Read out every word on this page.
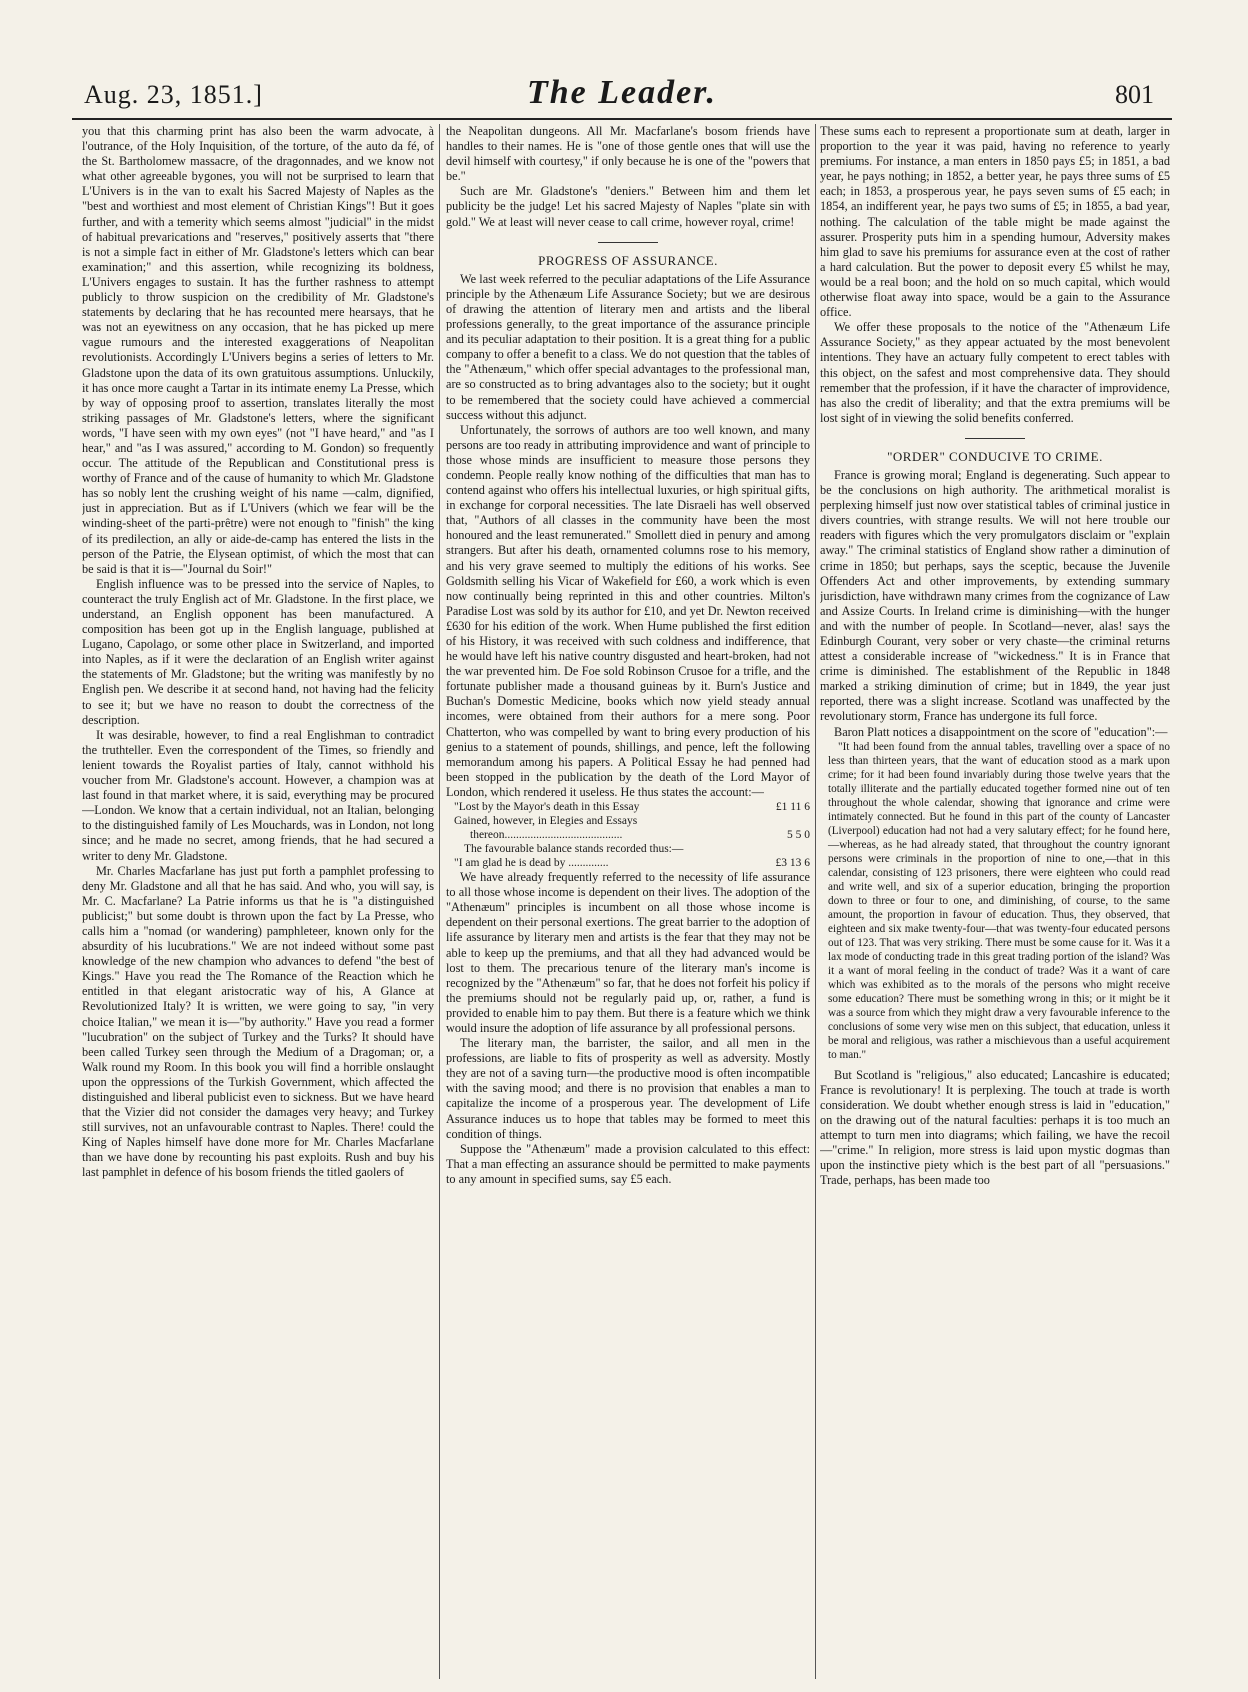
Aug. 23, 1851.]	The Leader.	801

you that this charming print has also been the warm advocate, à l'outrance, of the Holy Inquisition, of the torture, of the auto da fé, of the St. Bartholomew massacre, of the dragonnades, and we know not what other agreeable bygones, you will not be surprised to learn that L'Univers is in the van to exalt his Sacred Majesty of Naples as the "best and worthiest and most element of Christian Kings"! But it goes further, and with a temerity which seems almost "judicial" in the midst of habitual prevarications and "reserves," positively asserts that "there is not a simple fact in either of Mr. Gladstone's letters which can bear examination;" and this assertion, while recognizing its boldness, L'Univers engages to sustain. It has the further rashness to attempt publicly to throw suspicion on the credibility of Mr. Gladstone's statements by declaring that he has recounted mere hearsays, that he was not an eyewitness on any occasion, that he has picked up mere vague rumours and the interested exaggerations of Neapolitan revolutionists. Accordingly L'Univers begins a series of letters to Mr. Gladstone upon the data of its own gratuitous assumptions. Unluckily, it has once more caught a Tartar in its intimate enemy La Presse, which by way of opposing proof to assertion, translates literally the most striking passages of Mr. Gladstone's letters, where the significant words, "I have seen with my own eyes" (not "I have heard," and "as I hear," and "as I was assured," according to M. Gondon) so frequently occur. The attitude of the Republican and Constitutional press is worthy of France and of the cause of humanity to which Mr. Gladstone has so nobly lent the crushing weight of his name —calm, dignified, just in appreciation. But as if L'Univers (which we fear will be the winding-sheet of the parti-prêtre) were not enough to "finish" the king of its predilection, an ally or aide-de-camp has entered the lists in the person of the Patrie, the Elysean optimist, of which the most that can be said is that it is—"Journal du Soir!"

English influence was to be pressed into the service of Naples, to counteract the truly English act of Mr. Gladstone. In the first place, we understand, an English opponent has been manufactured. A composition has been got up in the English language, published at Lugano, Capolago, or some other place in Switzerland, and imported into Naples, as if it were the declaration of an English writer against the statements of Mr. Gladstone; but the writing was manifestly by no English pen. We describe it at second hand, not having had the felicity to see it; but we have no reason to doubt the correctness of the description.

It was desirable, however, to find a real Englishman to contradict the truthteller. Even the correspondent of the Times, so friendly and lenient towards the Royalist parties of Italy, cannot withhold his voucher from Mr. Gladstone's account. However, a champion was at last found in that market where, it is said, everything may be procured—London. We know that a certain individual, not an Italian, belonging to the distinguished family of Les Mouchards, was in London, not long since; and he made no secret, among friends, that he had secured a writer to deny Mr. Gladstone.

Mr. Charles Macfarlane has just put forth a pamphlet professing to deny Mr. Gladstone and all that he has said. And who, you will say, is Mr. C. Macfarlane? La Patrie informs us that he is "a distinguished publicist;" but some doubt is thrown upon the fact by La Presse, who calls him a "nomad (or wandering) pamphleteer, known only for the absurdity of his lucubrations." We are not indeed without some past knowledge of the new champion who advances to defend "the best of Kings." Have you read the The Romance of the Reaction which he entitled in that elegant aristocratic way of his, A Glance at Revolutionized Italy? It is written, we were going to say, "in very choice Italian," we mean it is—"by authority." Have you read a former "lucubration" on the subject of Turkey and the Turks? It should have been called Turkey seen through the Medium of a Dragoman; or, a Walk round my Room. In this book you will find a horrible onslaught upon the oppressions of the Turkish Government, which affected the distinguished and liberal publicist even to sickness. But we have heard that the Vizier did not consider the damages very heavy; and Turkey still survives, not an unfavourable contrast to Naples. There! could the King of Naples himself have done more for Mr. Charles Macfarlane than we have done by recounting his past exploits. Rush and buy his last pamphlet in defence of his bosom friends the titled gaolers of

the Neapolitan dungeons. All Mr. Macfarlane's bosom friends have handles to their names. He is "one of those gentle ones that will use the devil himself with courtesy," if only because he is one of the "powers that be."

Such are Mr. Gladstone's "deniers." Between him and them let publicity be the judge! Let his sacred Majesty of Naples "plate sin with gold." We at least will never cease to call crime, however royal, crime!

PROGRESS OF ASSURANCE.

We last week referred to the peculiar adaptations of the Life Assurance principle by the Athenæum Life Assurance Society; but we are desirous of drawing the attention of literary men and artists and the liberal professions generally, to the great importance of the assurance principle and its peculiar adaptation to their position. It is a great thing for a public company to offer a benefit to a class. We do not question that the tables of the "Athenæum," which offer special advantages to the professional man, are so constructed as to bring advantages also to the society; but it ought to be remembered that the society could have achieved a commercial success without this adjunct.

Unfortunately, the sorrows of authors are too well known, and many persons are too ready in attributing improvidence and want of principle to those whose minds are insufficient to measure those persons they condemn. People really know nothing of the difficulties that man has to contend against who offers his intellectual luxuries, or high spiritual gifts, in exchange for corporal necessities. The late Disraeli has well observed that, "Authors of all classes in the community have been the most honoured and the least remunerated." Smollett died in penury and among strangers. But after his death, ornamented columns rose to his memory, and his very grave seemed to multiply the editions of his works. See Goldsmith selling his Vicar of Wakefield for £60, a work which is even now continually being reprinted in this and other countries. Milton's Paradise Lost was sold by its author for £10, and yet Dr. Newton received £630 for his edition of the work. When Hume published the first edition of his History, it was received with such coldness and indifference, that he would have left his native country disgusted and heart-broken, had not the war prevented him. De Foe sold Robinson Crusoe for a trifle, and the fortunate publisher made a thousand guineas by it. Burn's Justice and Buchan's Domestic Medicine, books which now yield steady annual incomes, were obtained from their authors for a mere song. Poor Chatterton, who was compelled by want to bring every production of his genius to a statement of pounds, shillings, and pence, left the following memorandum among his papers. A Political Essay he had penned had been stopped in the publication by the death of the Lord Mayor of London, which rendered it useless. He thus states the account:—

"Lost by the Mayor's death in this Essay	£1 11 6
Gained, however, in Elegies and Essays
thereon.........................................	5 5 0
The favourable balance stands recorded thus:—
"I am glad he is dead by ..............	£3 13 6

We have already frequently referred to the necessity of life assurance to all those whose income is dependent on their lives. The adoption of the "Athenæum" principles is incumbent on all those whose income is dependent on their personal exertions. The great barrier to the adoption of life assurance by literary men and artists is the fear that they may not be able to keep up the premiums, and that all they had advanced would be lost to them. The precarious tenure of the literary man's income is recognized by the "Athenæum" so far, that he does not forfeit his policy if the premiums should not be regularly paid up, or, rather, a fund is provided to enable him to pay them. But there is a feature which we think would insure the adoption of life assurance by all professional persons.

The literary man, the barrister, the sailor, and all men in the professions, are liable to fits of prosperity as well as adversity. Mostly they are not of a saving turn—the productive mood is often incompatible with the saving mood; and there is no provision that enables a man to capitalize the income of a prosperous year. The development of Life Assurance induces us to hope that tables may be formed to meet this condition of things.

Suppose the "Athenæum" made a provision calculated to this effect: That a man effecting an assurance should be permitted to make payments to any amount in specified sums, say £5 each.

These sums each to represent a proportionate sum at death, larger in proportion to the year it was paid, having no reference to yearly premiums. For instance, a man enters in 1850 pays £5; in 1851, a bad year, he pays nothing; in 1852, a better year, he pays three sums of £5 each; in 1853, a prosperous year, he pays seven sums of £5 each; in 1854, an indifferent year, he pays two sums of £5; in 1855, a bad year, nothing. The calculation of the table might be made against the assurer. Prosperity puts him in a spending humour, Adversity makes him glad to save his premiums for assurance even at the cost of rather a hard calculation. But the power to deposit every £5 whilst he may, would be a real boon; and the hold on so much capital, which would otherwise float away into space, would be a gain to the Assurance office.

We offer these proposals to the notice of the "Athenæum Life Assurance Society," as they appear actuated by the most benevolent intentions. They have an actuary fully competent to erect tables with this object, on the safest and most comprehensive data. They should remember that the profession, if it have the character of improvidence, has also the credit of liberality; and that the extra premiums will be lost sight of in viewing the solid benefits conferred.

"ORDER" CONDUCIVE TO CRIME.

France is growing moral; England is degenerating. Such appear to be the conclusions on high authority. The arithmetical moralist is perplexing himself just now over statistical tables of criminal justice in divers countries, with strange results. We will not here trouble our readers with figures which the very promulgators disclaim or "explain away." The criminal statistics of England show rather a diminution of crime in 1850; but perhaps, says the sceptic, because the Juvenile Offenders Act and other improvements, by extending summary jurisdiction, have withdrawn many crimes from the cognizance of Law and Assize Courts. In Ireland crime is diminishing—with the hunger and with the number of people. In Scotland—never, alas! says the Edinburgh Courant, very sober or very chaste—the criminal returns attest a considerable increase of "wickedness." It is in France that crime is diminished. The establishment of the Republic in 1848 marked a striking diminution of crime; but in 1849, the year just reported, there was a slight increase. Scotland was unaffected by the revolutionary storm, France has undergone its full force.

Baron Platt notices a disappointment on the score of "education":—

"It had been found from the annual tables, travelling over a space of no less than thirteen years, that the want of education stood as a mark upon crime; for it had been found invariably during those twelve years that the totally illiterate and the partially educated together formed nine out of ten throughout the whole calendar, showing that ignorance and crime were intimately connected. But he found in this part of the county of Lancaster (Liverpool) education had not had a very salutary effect; for he found here, —whereas, as he had already stated, that throughout the country ignorant persons were criminals in the proportion of nine to one,—that in this calendar, consisting of 123 prisoners, there were eighteen who could read and write well, and six of a superior education, bringing the proportion down to three or four to one, and diminishing, of course, to the same amount, the proportion in favour of education. Thus, they observed, that eighteen and six make twenty-four—that was twenty-four educated persons out of 123. That was very striking. There must be some cause for it. Was it a lax mode of conducting trade in this great trading portion of the island? Was it a want of moral feeling in the conduct of trade? Was it a want of care which was exhibited as to the morals of the persons who might receive some education? There must be something wrong in this; or it might be it was a source from which they might draw a very favourable inference to the conclusions of some very wise men on this subject, that education, unless it be moral and religious, was rather a mischievous than a useful acquirement to man."

But Scotland is "religious," also educated; Lancashire is educated; France is revolutionary! It is perplexing. The touch at trade is worth consideration. We doubt whether enough stress is laid in "education," on the drawing out of the natural faculties: perhaps it is too much an attempt to turn men into diagrams; which failing, we have the recoil—"crime." In religion, more stress is laid upon mystic dogmas than upon the instinctive piety which is the best part of all "persuasions." Trade, perhaps, has been made too
